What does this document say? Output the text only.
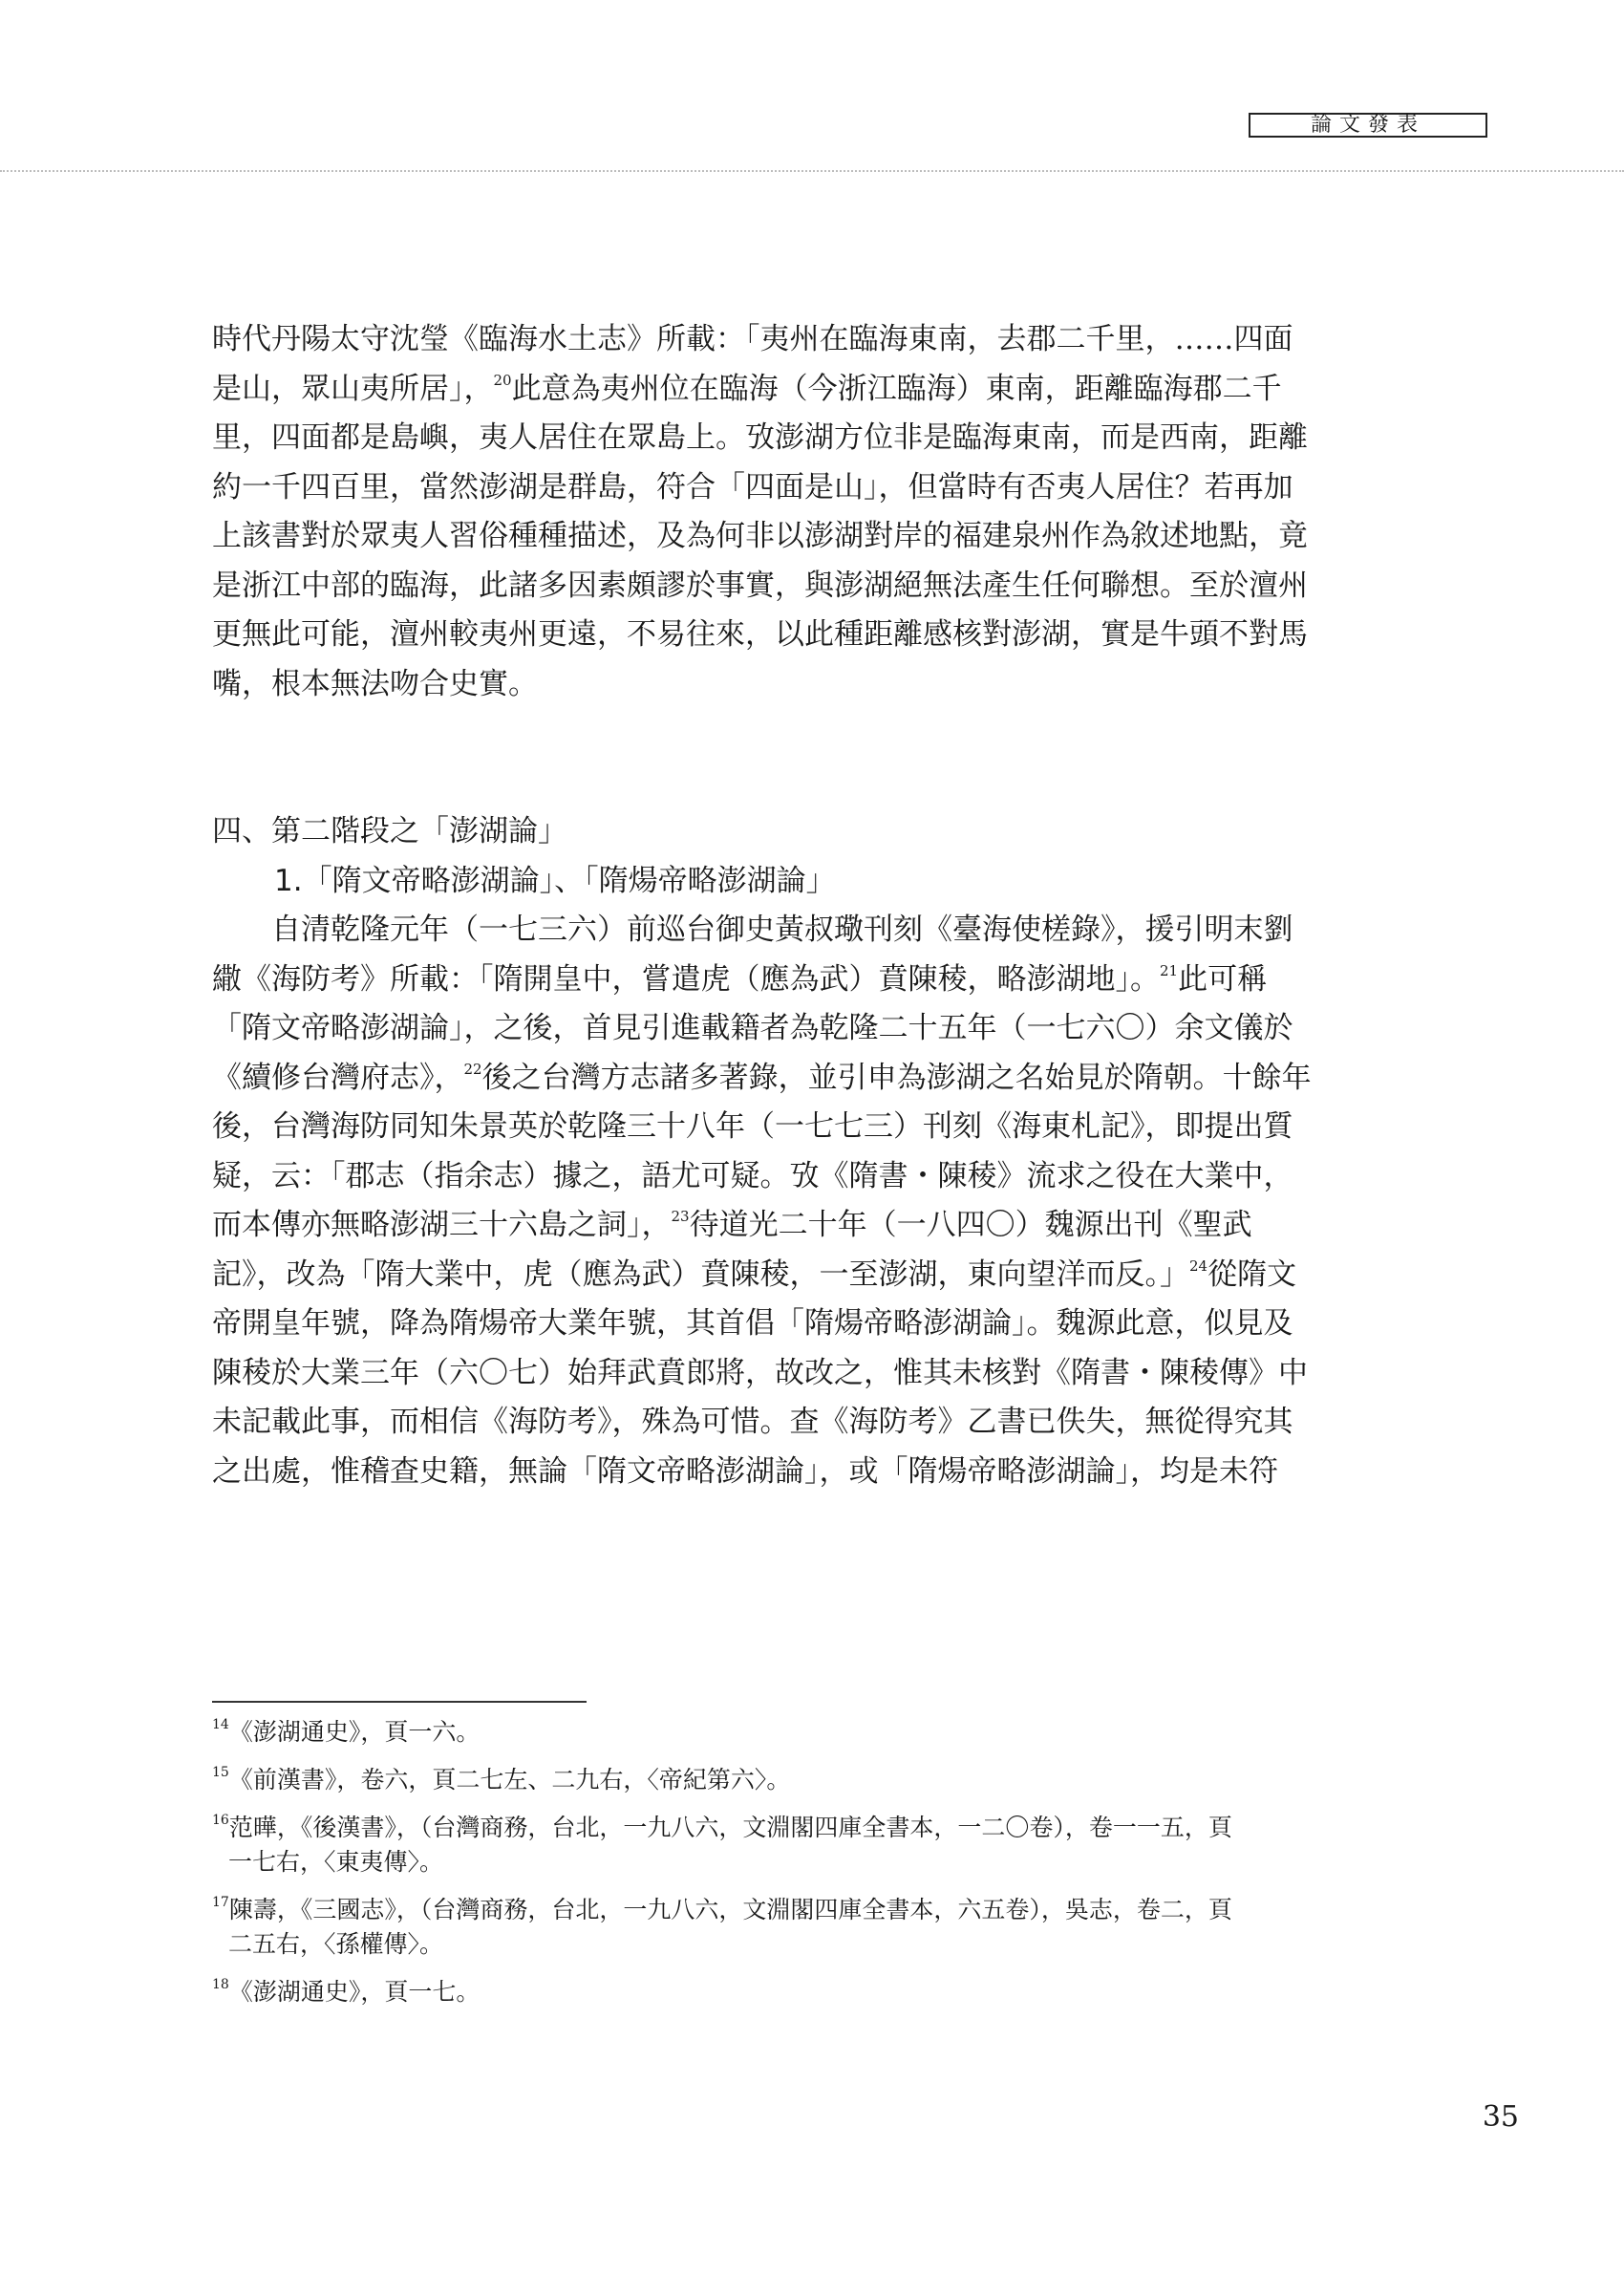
論文發表
時代丹陽太守沈瑩《臨海水土志》所載：「夷州在臨海東南，去郡二千里，……四面
是山，眾山夷所居」，$^{20}$此意為夷州位在臨海（今浙江臨海）東南，距離臨海郡二千
里，四面都是島嶼，夷人居住在眾島上。攷澎湖方位非是臨海東南，而是西南，距離
約一千四百里，當然澎湖是群島，符合「四面是山」，但當時有否夷人居住？若再加
上該書對於眾夷人習俗種種描述，及為何非以澎湖對岸的福建泉州作為敘述地點，竟
是浙江中部的臨海，此諸多因素頗謬於事實，與澎湖絕無法產生任何聯想。至於澶州
更無此可能，澶州較夷州更遠，不易往來，以此種距離感核對澎湖，實是牛頭不對馬
嘴，根本無法吻合史實。
四、第二階段之「澎湖論」
1.「隋文帝略澎湖論」、「隋煬帝略澎湖論」
自清乾隆元年（一七三六）前巡台御史黃叔璥刊刻《臺海使槎錄》，援引明末劉
繖《海防考》所載：「隋開皇中，嘗遣虎（應為武）賁陳稜，略澎湖地」。$^{21}$此可稱
「隋文帝略澎湖論」，之後，首見引進載籍者為乾隆二十五年（一七六〇）余文儀於
《續修台灣府志》，$^{22}$後之台灣方志諸多著錄，並引申為澎湖之名始見於隋朝。十餘年
後，台灣海防同知朱景英於乾隆三十八年（一七七三）刊刻《海東札記》，即提出質
疑，云：「郡志（指余志）據之，語尤可疑。攷《隋書・陳稜》流求之役在大業中，
而本傳亦無略澎湖三十六島之詞」，$^{23}$待道光二十年（一八四〇）魏源出刊《聖武
記》，改為「隋大業中，虎（應為武）賁陳稜，一至澎湖，東向望洋而反。」$^{24}$從隋文
帝開皇年號，降為隋煬帝大業年號，其首倡「隋煬帝略澎湖論」。魏源此意，似見及
陳稜於大業三年（六〇七）始拜武賁郎將，故改之，惟其未核對《隋書・陳稜傳》中
未記載此事，而相信《海防考》，殊為可惜。查《海防考》乙書已佚失，無從得究其
之出處，惟稽查史籍，無論「隋文帝略澎湖論」，或「隋煬帝略澎湖論」，均是未符
$^{14}$《澎湖通史》，頁一六。
$^{15}$《前漢書》，卷六，頁二七左、二九右，〈帝紀第六〉。
$^{16}$范曄，《後漢書》，（台灣商務，台北，一九八六，文淵閣四庫全書本，一二〇卷），卷一一五，頁
一七右，〈東夷傳〉。
$^{17}$陳壽，《三國志》，（台灣商務，台北，一九八六，文淵閣四庫全書本，六五卷），吳志，卷二，頁
二五右，〈孫權傳〉。
$^{18}$《澎湖通史》，頁一七。
35
